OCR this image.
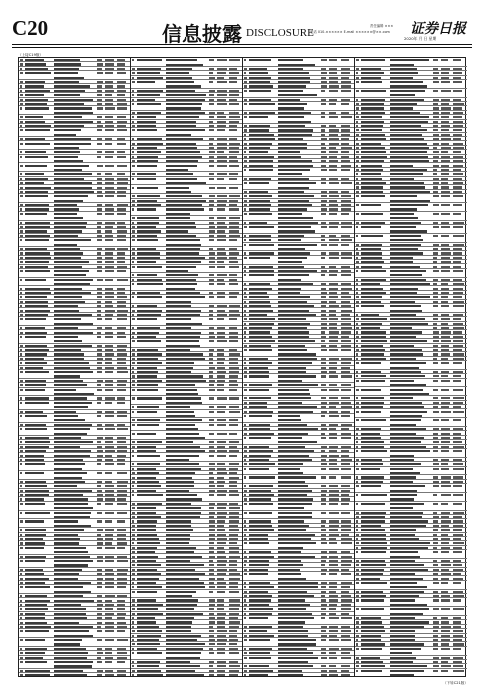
C20	信息披露 DISCLOSURE
责任编辑 ×××
电话 010-×××××× E-mail ××××××@××.com	证券日报
2020年 月 日 星期
（上接C19版）
（下转C21版）
